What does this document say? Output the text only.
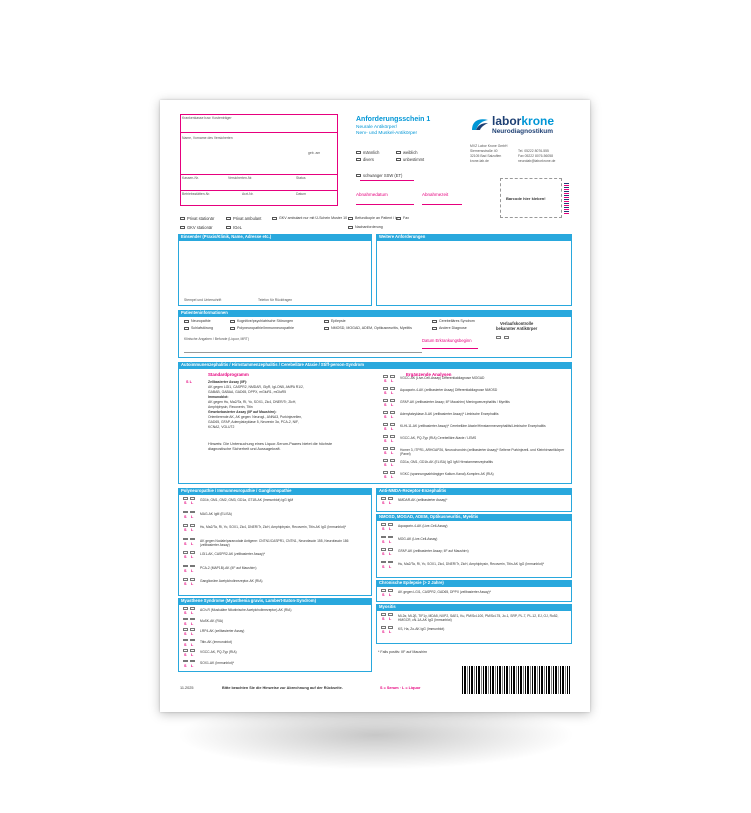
Krankenkasse bzw. Kostenträger
Name, Vorname des Versicherten
geb. am
Kassen-Nr.	Versicherten-Nr.	Status
Betriebsstätten-Nr.	Arzt-Nr.	Datum
Anforderungsschein 1
Neurale Antikörper/
Nerv- und Muskel-Antikörper
männlich	weiblich
divers	unbestimmt
schwanger SSW (ET)
Abnahmedatum	Abnahmezeit
laborkrone
Neurodiagnostikum
MVZ Labor Krone GmbH
Siemensstraße 40
32105 Bad Salzuflen
krone-lab.de
Tel. 05222 8076-555
Fax 05222 8076-56058
neurolab@laborkrone.de
Barcode hier kleben!
Privat stationär	Privat ambulant	GKV ambulant nur mit Ü-Schein Muster 10	Befundkopie an Patient / in	Fax
GKV stationär	IGeL	Nachanforderung
Einsender (Praxis/Klinik, Name, Adresse etc.)
Stempel und Unterschrift	Telefon für Rückfragen
Weitere Anforderungen
Patienteninformationen
Neuropathie	Kognitive/psychiatrische Störungen	Epilepsie	Cerebelläres Syndrom
Schlafstörung	Polyneuropathie/Immunneuropathie	NMOSD, MOGAD, ADEM, Optikusneuritis, Myelitis	Andere Diagnose
Klinische Angaben / Befunde (Liquor, MRT)	Datum Erkrankungsbeginn
Verlaufskontrolle
bekannter Antikörper
Autoimmunenzephalitis / Hirnstammenzephalitis / Cerebelläre Ataxie / Stiff-person-Syndrom
Standardprogramm
S L
Hinweis: Die Untersuchung eines Liquor-Serum-Paares bietet die höchste diagnostische Sicherheit und Aussagekraft.
Ergänzende Analysen
Polyneuropathie / Immunneuropathie / Ganglionopathie
Myasthene Syndrome (Myasthenia gravis, Lambert-Eaton-Syndrom)
Anti-NMDA-Rezeptor-Enzephalitis
NMOSD, MOGAD, ADEM, Optikusneuritis, Myelitis
Chronische Epilepsie (> 2 Jahre)
Myositis
* Falls positiv: IIF auf Maushirn
11.2025	Bitte beachten Sie die Hinweise zur Abrechnung auf der Rückseite.	S = Serum · L = Liquor
Zellbasierter Assay (IIF):
AK gegen LGI1, CASPR2, NMDAR, GlyR, IgLON5, AMPA R1/2,
GABAB, GABAA, GAD65, DPPX, mGluR1, mGluR5
Immunoblot:
AK gegen Hu, Ma2/Ta, Ri, Yo, SOX1, Zic4, DNER/Tr, ZicH,
Amphiphysin, Recoverin, Titin
Gewebebasierter Assay (IIF auf Maushirn):
Orientierende AK, AK gegen: Neurogl., ANNA3, Purkinjezellen,
GAD65, GFAP, Adenylatzyklase 5, Neurexin 3α, PCA-2, NIF,
KCNA2, VGLUT2
S L
VGCC-AK (Live-Cell-Assay) Differentialdiagnose MOGAD
S L
Aquaporin-4-AK (zellbasierter Assay) Differentialdiagnose NMOSD
S L
GFAP-AK (zellbasierter Assay; IIF Maushirn) Meningoenzephalitis / Myelitis
S L
Adenylatzyklase-5-AK (zellbasierter Assay)* Limbische Enzephalitis
S L
KLHL11-AK (zellbasierter Assay)* Cerebelläre Ataxie/Hirnstammenzephalitis/Limbische Enzephalitis
S L
VGCC-AK, PQ-Typ (RIA) Cerebelläre Ataxie / LEMS
S L
Homer 3, ITPR1, ARHGAP26, Neurochondrin (zellbasierter Assay)* Seltene Purkinjezell- und Kleinhirnantikörper (Panel)
S L
GD1a, GM1, GD1b-AK (ELISA) IgG IgM Hirnstammenzephalitis
S L
VGKC (spannungsabhängiger Kalium-Kanal)-Komplex-AK (RIA)
S L
GD1b, GM1, GM2, GM3, GD1a, GT1B-AK (Immunblot) IgG IgM
S L
MAG-AK IgM (ELISA)
S L
Hu, Ma2/Ta, Ri, Yo, SOX1, Zic4, DNER/Tr, ZicH, Amphiphysin, Recoverin, Titin-AK IgG (Immunblot)*
S L
AK gegen Nodale/paranodale Antigene: CNTN1/CASPR1, CNTN1, Neurofascin 155, Neurofascin 186 (zellbasierter Assay)
S L
LGI1-AK, CASPR2-AK (zellbasierter Assay)*
S L
PCA-2 (MAP1B)-AK (IIF auf Maushirn)
S L
Ganglionäre Acetylcholinrezeptor-AK (RIA)
S L
ACh-R (Muskuläre Nikotinische Acetylcholinrezeptor)-AK (RIA)
S L
MuSK-AK (RIA)
S L
LRP4-AK (zellbasierter Assay)
S L
Titin-AK (Immunoblot)
S L
VGCC-AK, PQ-Typ (RIA)
S L
SOX1-AK (Immunblot)*
S L
NMDAR-AK (zellbasierter Assay)*
S L
Aquaporin-4-AK (Live-Cell-Assay)
S L
MOG-AK (Live-Cell-Assay)
S L
GFAP-AK (zellbasierter Assay; IIF auf Maushirn)
S L
Hu, Ma2/Ta, Ri, Yo, SOX1, Zic4, DNER/Tr, ZicH, Amphiphysin, Recoverin, Titin-AK IgG (Immunblot)*
S L
AK gegen LGI1, CASPR2, GAD65, DPPX (zellbasierter Assay)*
S L
Mi-2α, Mi-2β, TIF1γ, MDA5, NXP2, SAE1, Ku, PM/Scl-100, PM/Scl-75, Jo-1, SRP, PL-7, PL-12, EJ, OJ, Ro52, HMGCR, cN-1A-AK IgG (Immunblot)
S L
KS, Ha, Zo-AK IgG (Immunblot)
